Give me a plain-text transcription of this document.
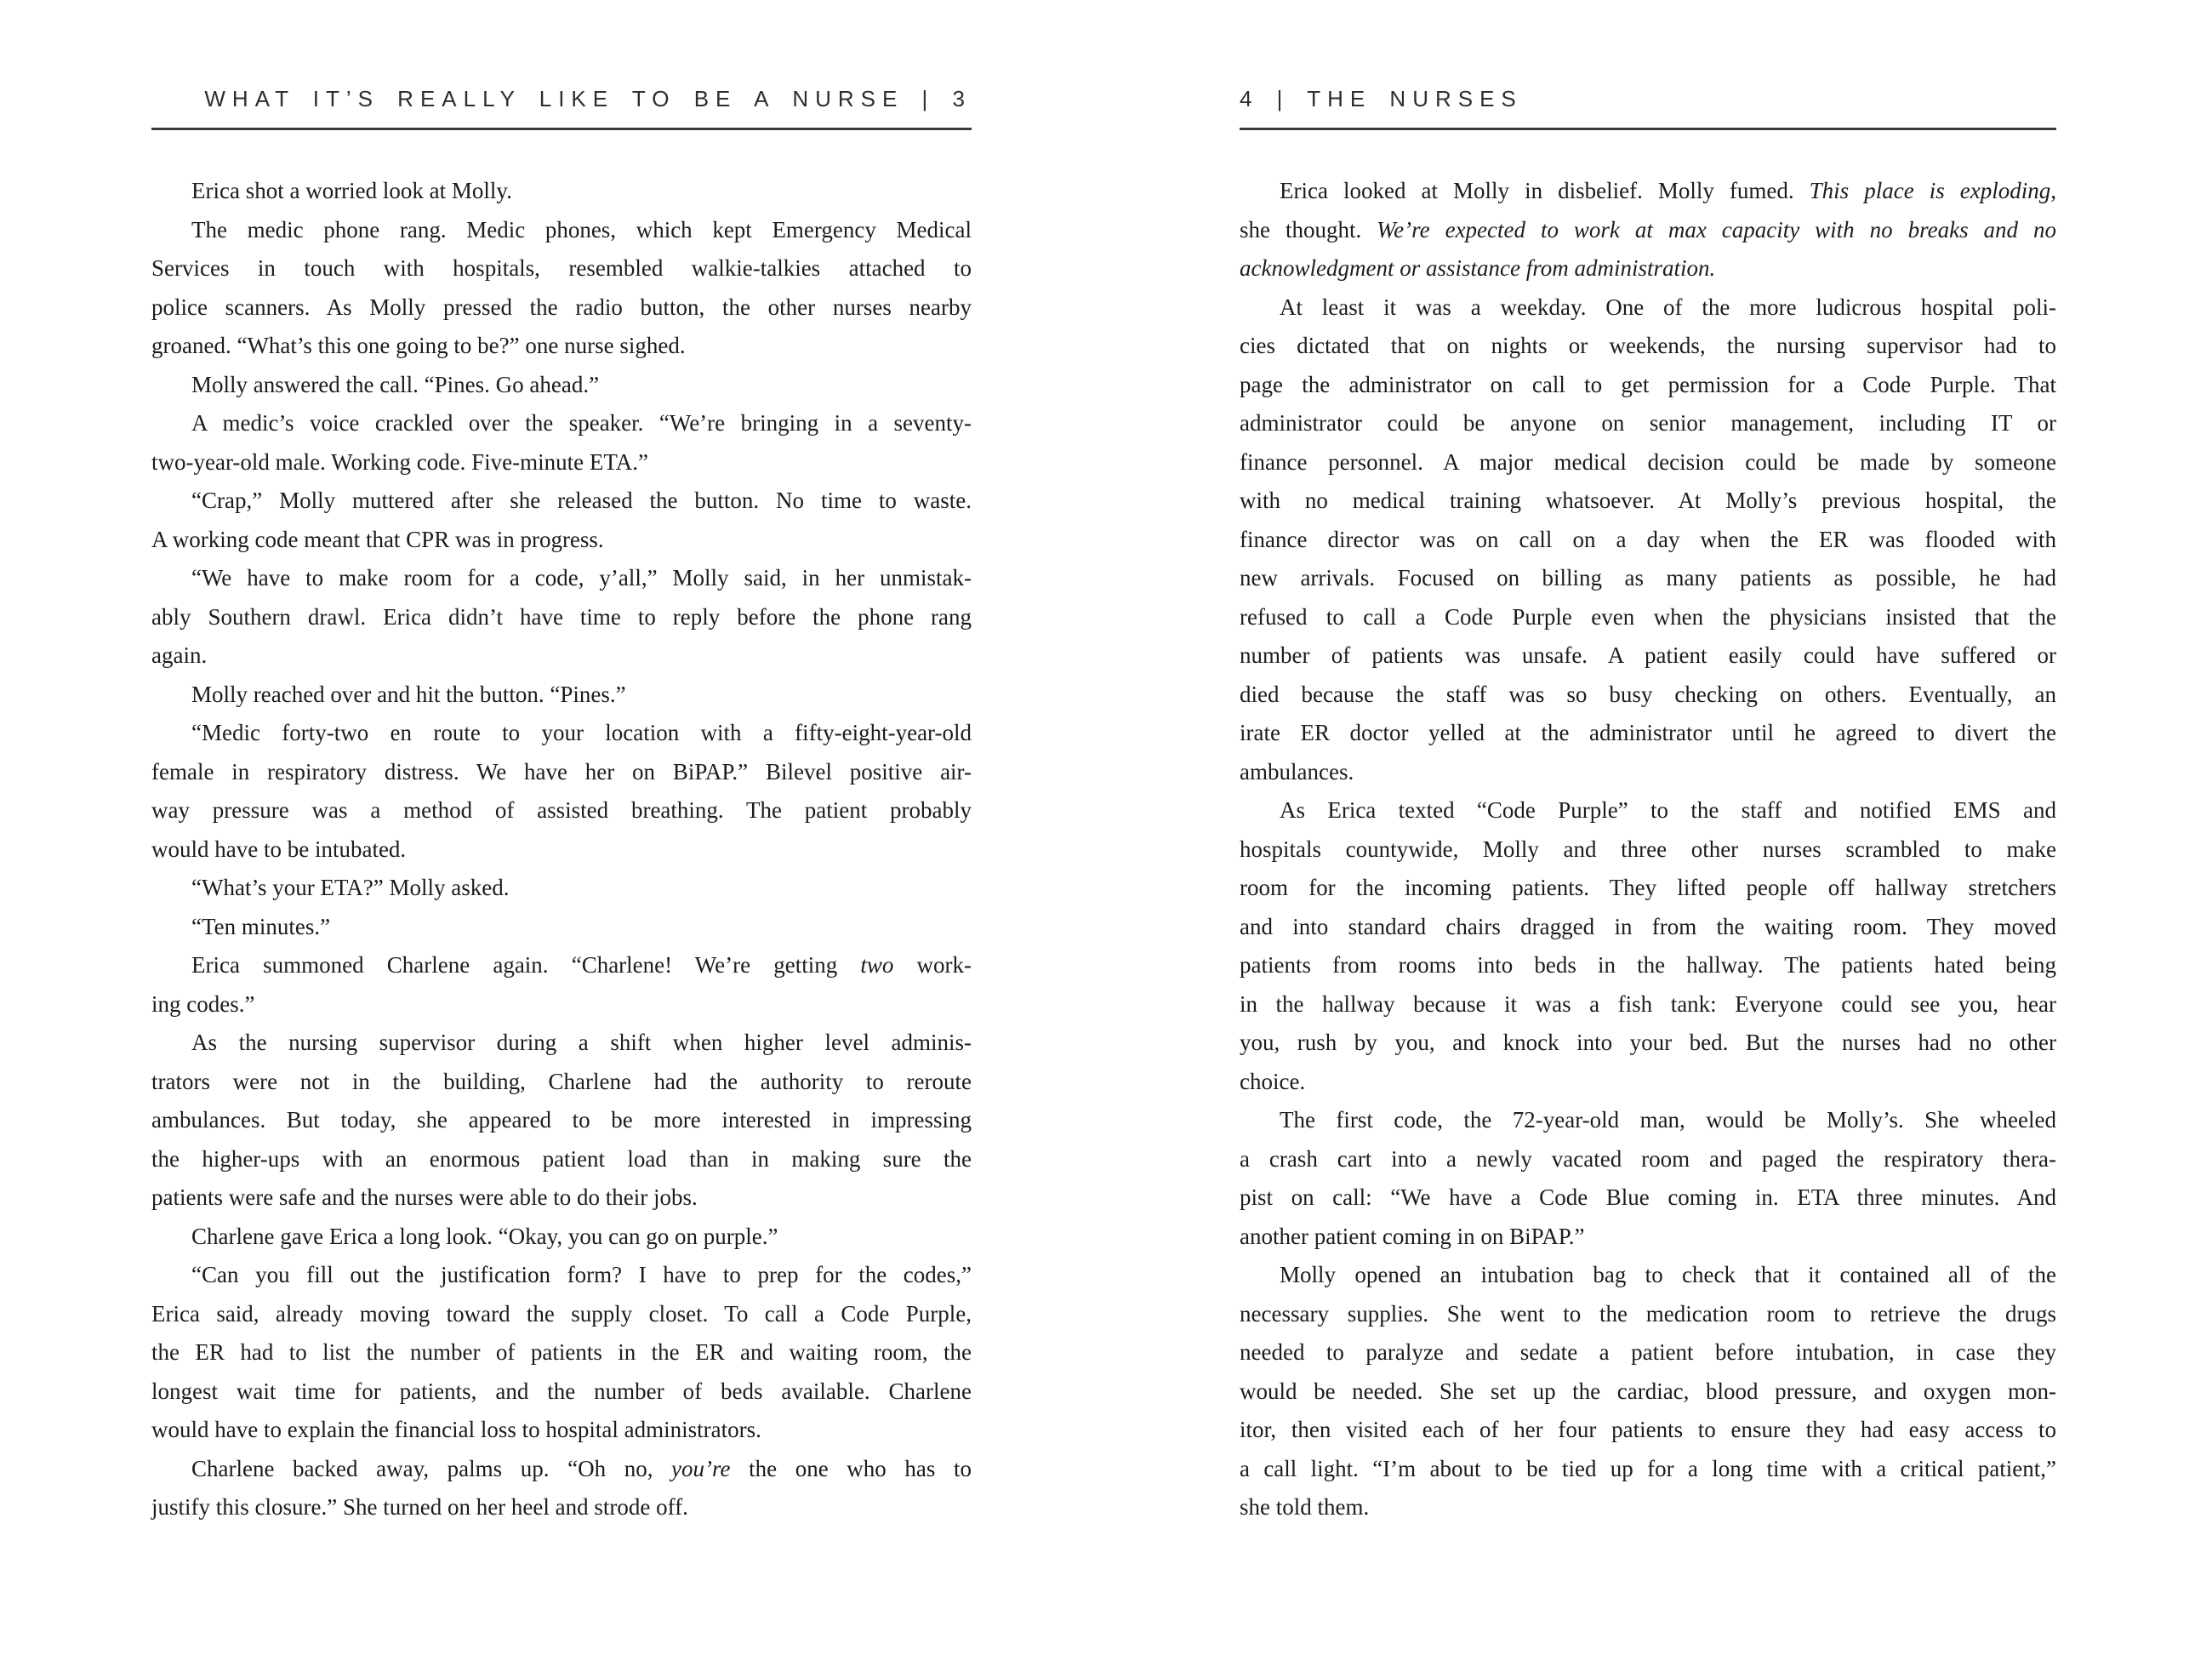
WHAT IT’S REALLY LIKE TO BE A NURSE | 3
Erica shot a worried look at Molly.
The medic phone rang. Medic phones, which kept Emergency Medical
Services in touch with hospitals, resembled walkie-talkies attached to
police scanners. As Molly pressed the radio button, the other nurses nearby
groaned. “What’s this one going to be?” one nurse sighed.
Molly answered the call. “Pines. Go ahead.”
A medic’s voice crackled over the speaker. “We’re bringing in a seventy-
two-year-old male. Working code. Five-minute ETA.”
“Crap,” Molly muttered after she released the button. No time to waste.
A working code meant that CPR was in progress.
“We have to make room for a code, y’all,” Molly said, in her unmistak-
ably Southern drawl. Erica didn’t have time to reply before the phone rang
again.
Molly reached over and hit the button. “Pines.”
“Medic forty-two en route to your location with a fifty-eight-year-old
female in respiratory distress. We have her on BiPAP.” Bilevel positive air-
way pressure was a method of assisted breathing. The patient probably
would have to be intubated.
“What’s your ETA?” Molly asked.
“Ten minutes.”
Erica summoned Charlene again. “Charlene! We’re getting two work-
ing codes.”
As the nursing supervisor during a shift when higher level adminis-
trators were not in the building, Charlene had the authority to reroute
ambulances. But today, she appeared to be more interested in impressing
the higher-ups with an enormous patient load than in making sure the
patients were safe and the nurses were able to do their jobs.
Charlene gave Erica a long look. “Okay, you can go on purple.”
“Can you fill out the justification form? I have to prep for the codes,”
Erica said, already moving toward the supply closet. To call a Code Purple,
the ER had to list the number of patients in the ER and waiting room, the
longest wait time for patients, and the number of beds available. Charlene
would have to explain the financial loss to hospital administrators.
Charlene backed away, palms up. “Oh no, you’re the one who has to
justify this closure.” She turned on her heel and strode off.
4 | THE NURSES
Erica looked at Molly in disbelief. Molly fumed. This place is exploding,
she thought. We’re expected to work at max capacity with no breaks and no
acknowledgment or assistance from administration.
At least it was a weekday. One of the more ludicrous hospital poli-
cies dictated that on nights or weekends, the nursing supervisor had to
page the administrator on call to get permission for a Code Purple. That
administrator could be anyone on senior management, including IT or
finance personnel. A major medical decision could be made by someone
with no medical training whatsoever. At Molly’s previous hospital, the
finance director was on call on a day when the ER was flooded with
new arrivals. Focused on billing as many patients as possible, he had
refused to call a Code Purple even when the physicians insisted that the
number of patients was unsafe. A patient easily could have suffered or
died because the staff was so busy checking on others. Eventually, an
irate ER doctor yelled at the administrator until he agreed to divert the
ambulances.
As Erica texted “Code Purple” to the staff and notified EMS and
hospitals countywide, Molly and three other nurses scrambled to make
room for the incoming patients. They lifted people off hallway stretchers
and into standard chairs dragged in from the waiting room. They moved
patients from rooms into beds in the hallway. The patients hated being
in the hallway because it was a fish tank: Everyone could see you, hear
you, rush by you, and knock into your bed. But the nurses had no other
choice.
The first code, the 72-year-old man, would be Molly’s. She wheeled
a crash cart into a newly vacated room and paged the respiratory thera-
pist on call: “We have a Code Blue coming in. ETA three minutes. And
another patient coming in on BiPAP.”
Molly opened an intubation bag to check that it contained all of the
necessary supplies. She went to the medication room to retrieve the drugs
needed to paralyze and sedate a patient before intubation, in case they
would be needed. She set up the cardiac, blood pressure, and oxygen mon-
itor, then visited each of her four patients to ensure they had easy access to
a call light. “I’m about to be tied up for a long time with a critical patient,”
she told them.
